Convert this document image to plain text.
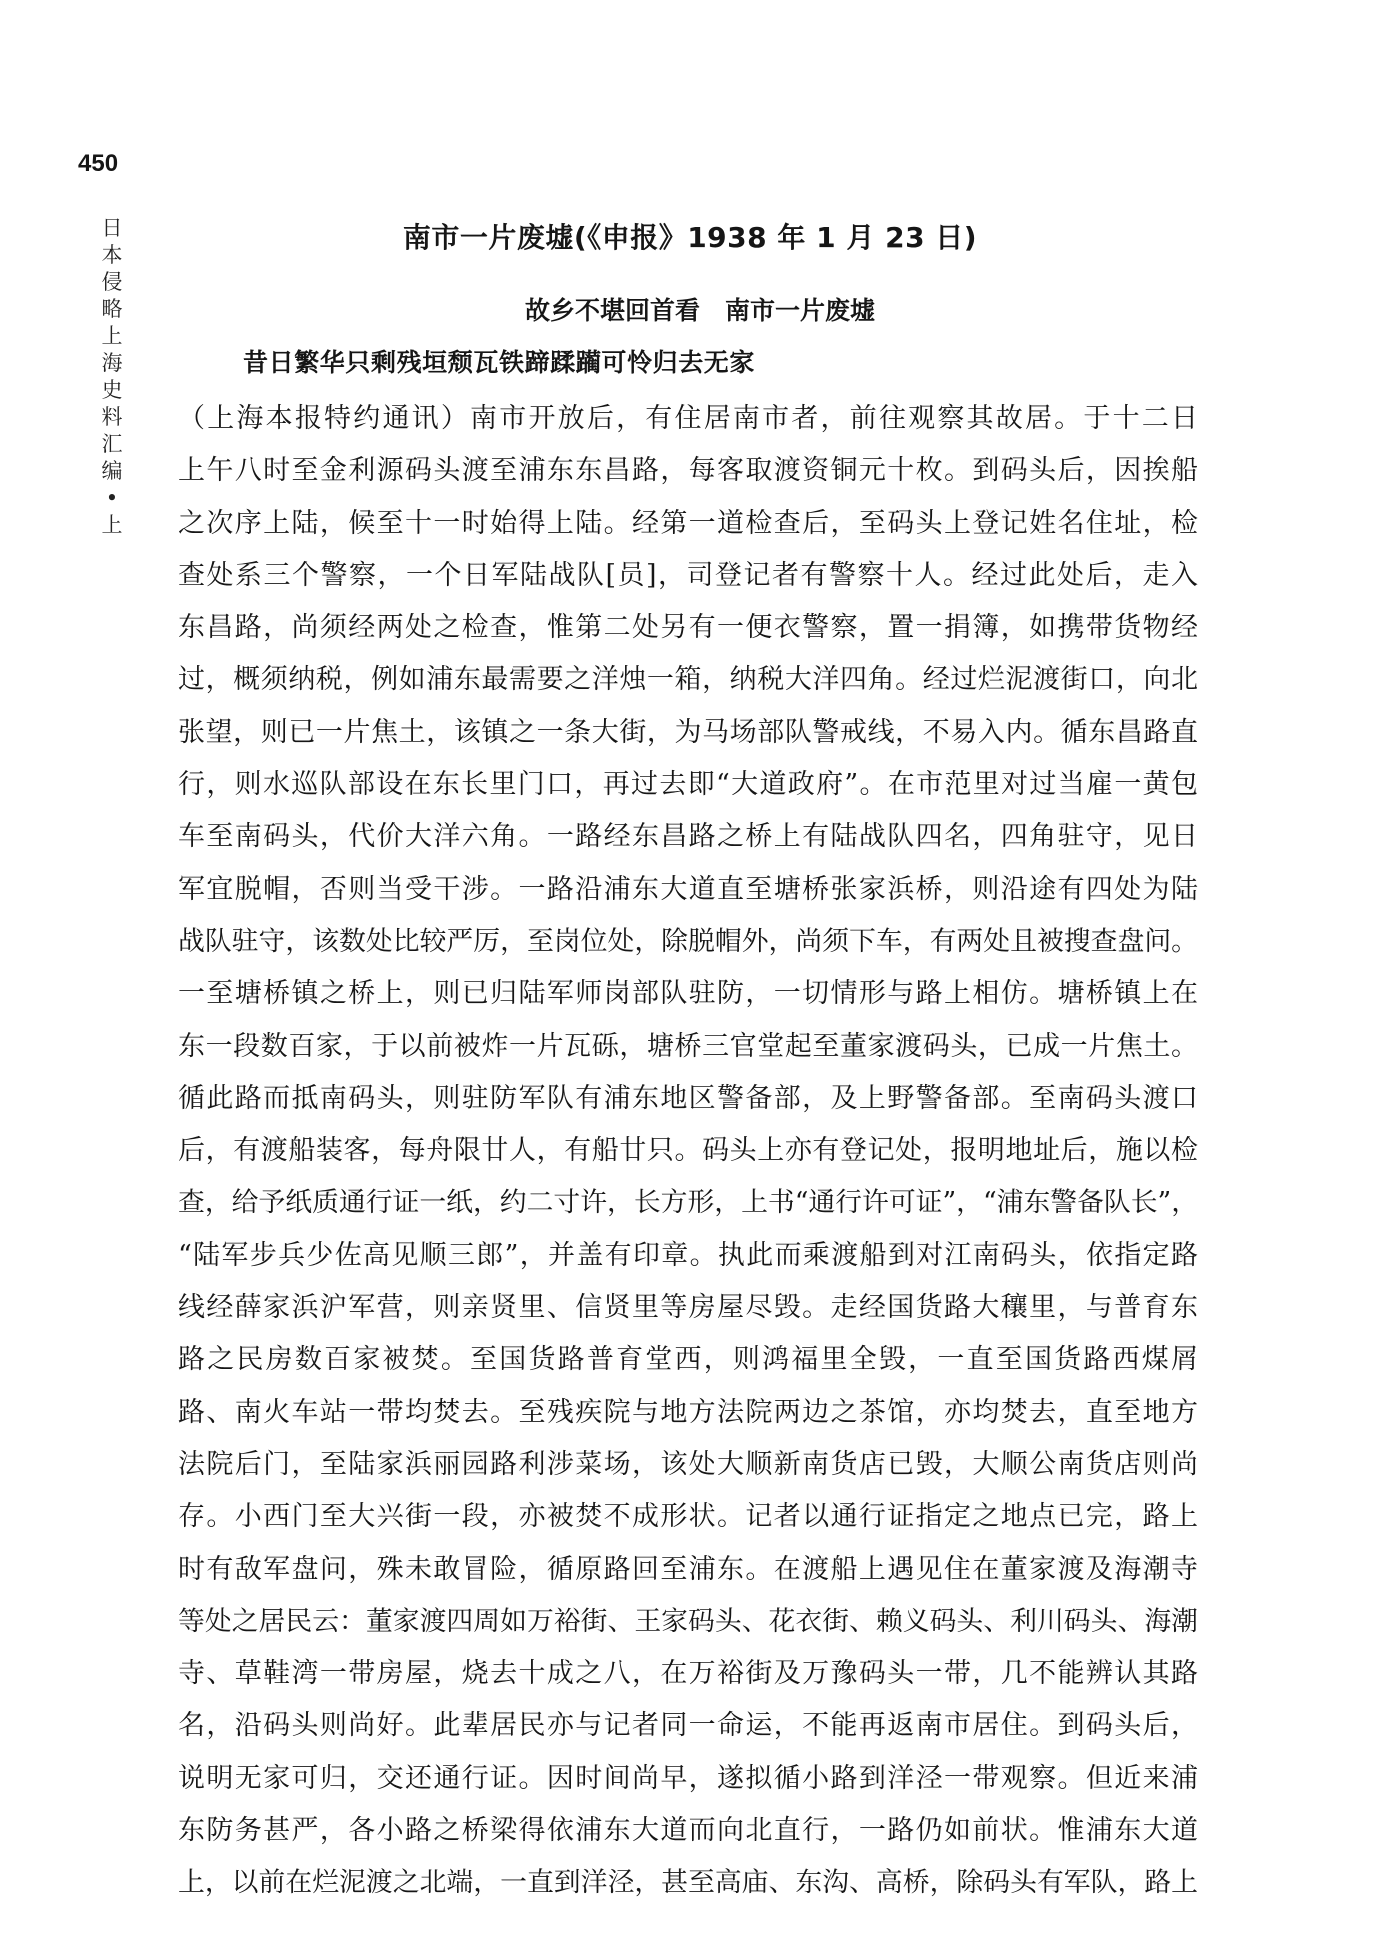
450
日本侵略上海史料汇编•上
南市一片废墟(《申报》1938 年 1 月 23 日)
故乡不堪回首看　南市一片废墟
昔日繁华只剩残垣颓瓦铁蹄蹂躏可怜归去无家
（上海本报特约通讯）南市开放后，有住居南市者，前往观察其故居。于十二日
上午八时至金利源码头渡至浦东东昌路，每客取渡资铜元十枚。到码头后，因挨船
之次序上陆，候至十一时始得上陆。经第一道检查后，至码头上登记姓名住址，检
查处系三个警察，一个日军陆战队[员]，司登记者有警察十人。经过此处后，走入
东昌路，尚须经两处之检查，惟第二处另有一便衣警察，置一捐簿，如携带货物经
过，概须纳税，例如浦东最需要之洋烛一箱，纳税大洋四角。经过烂泥渡街口，向北
张望，则已一片焦土，该镇之一条大街，为马场部队警戒线，不易入内。循东昌路直
行，则水巡队部设在东长里门口，再过去即“大道政府”。在市范里对过当雇一黄包
车至南码头，代价大洋六角。一路经东昌路之桥上有陆战队四名，四角驻守，见日
军宜脱帽，否则当受干涉。一路沿浦东大道直至塘桥张家浜桥，则沿途有四处为陆
战队驻守，该数处比较严厉，至岗位处，除脱帽外，尚须下车，有两处且被搜查盘问。
一至塘桥镇之桥上，则已归陆军师岗部队驻防，一切情形与路上相仿。塘桥镇上在
东一段数百家，于以前被炸一片瓦砾，塘桥三官堂起至董家渡码头，已成一片焦土。
循此路而抵南码头，则驻防军队有浦东地区警备部，及上野警备部。至南码头渡口
后，有渡船装客，每舟限廿人，有船廿只。码头上亦有登记处，报明地址后，施以检
查，给予纸质通行证一纸，约二寸许，长方形，上书“通行许可证”，“浦东警备队长”，
“陆军步兵少佐高见顺三郎”，并盖有印章。执此而乘渡船到对江南码头，依指定路
线经薛家浜沪军营，则亲贤里、信贤里等房屋尽毁。走经国货路大穰里，与普育东
路之民房数百家被焚。至国货路普育堂西，则鸿福里全毁，一直至国货路西煤屑
路、南火车站一带均焚去。至残疾院与地方法院两边之茶馆，亦均焚去，直至地方
法院后门，至陆家浜丽园路利涉菜场，该处大顺新南货店已毁，大顺公南货店则尚
存。小西门至大兴街一段，亦被焚不成形状。记者以通行证指定之地点已完，路上
时有敌军盘问，殊未敢冒险，循原路回至浦东。在渡船上遇见住在董家渡及海潮寺
等处之居民云：董家渡四周如万裕街、王家码头、花衣街、赖义码头、利川码头、海潮
寺、草鞋湾一带房屋，烧去十成之八，在万裕街及万豫码头一带，几不能辨认其路
名，沿码头则尚好。此辈居民亦与记者同一命运，不能再返南市居住。到码头后，
说明无家可归，交还通行证。因时间尚早，遂拟循小路到洋泾一带观察。但近来浦
东防务甚严，各小路之桥梁得依浦东大道而向北直行，一路仍如前状。惟浦东大道
上，以前在烂泥渡之北端，一直到洋泾，甚至高庙、东沟、高桥，除码头有军队，路上
